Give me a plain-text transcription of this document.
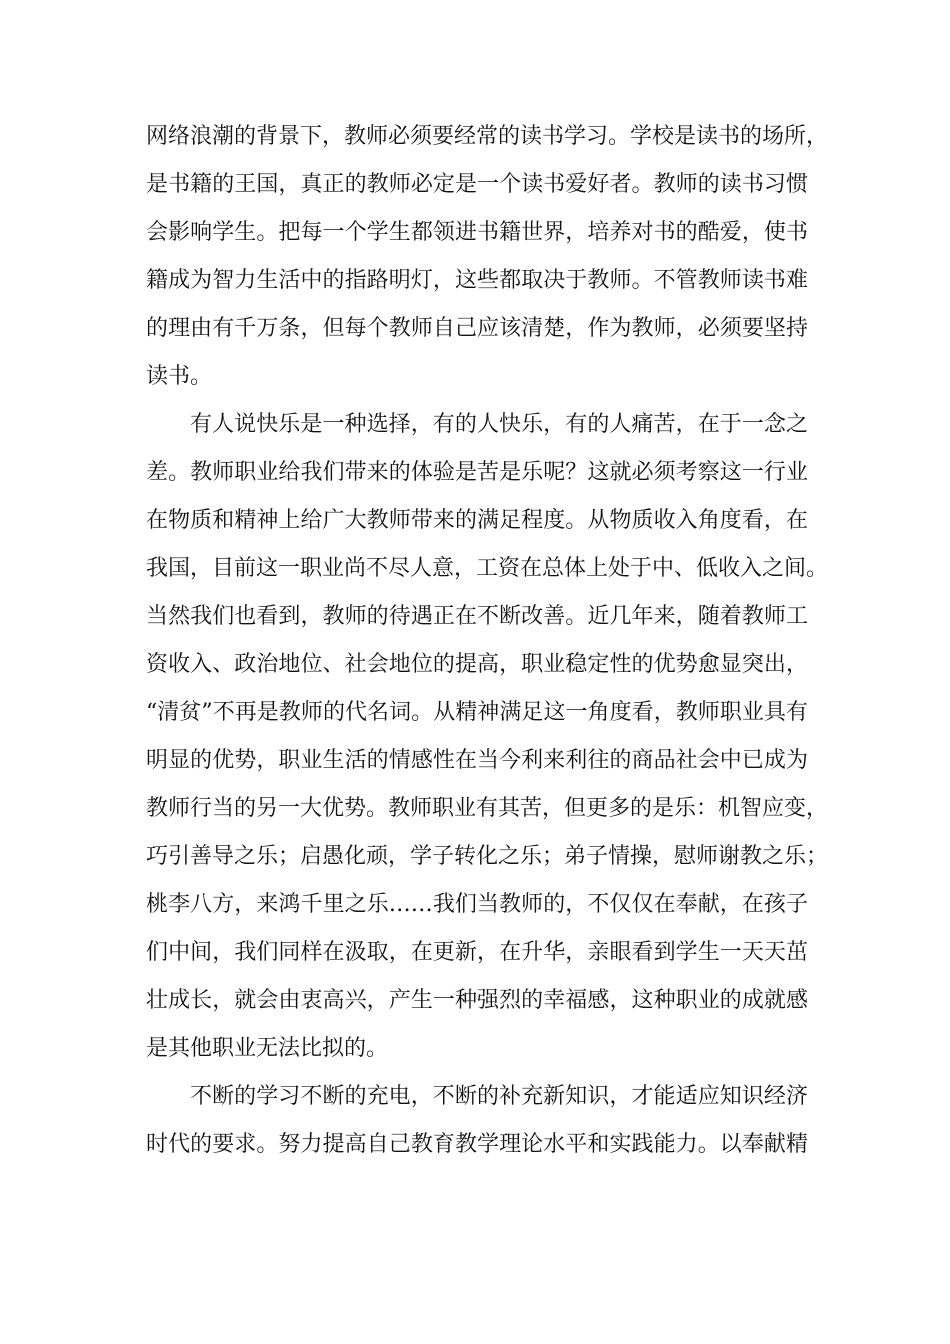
网络浪潮的背景下，教师必须要经常的读书学习。学校是读书的场所，
是书籍的王国，真正的教师必定是一个读书爱好者。教师的读书习惯
会影响学生。把每一个学生都领进书籍世界，培养对书的酷爱，使书
籍成为智力生活中的指路明灯，这些都取决于教师。不管教师读书难
的理由有千万条，但每个教师自己应该清楚，作为教师，必须要坚持
读书。

有人说快乐是一种选择，有的人快乐，有的人痛苦，在于一念之
差。教师职业给我们带来的体验是苦是乐呢？这就必须考察这一行业
在物质和精神上给广大教师带来的满足程度。从物质收入角度看，在
我国，目前这一职业尚不尽人意，工资在总体上处于中、低收入之间。
当然我们也看到，教师的待遇正在不断改善。近几年来，随着教师工
资收入、政治地位、社会地位的提高，职业稳定性的优势愈显突出，
“清贫”不再是教师的代名词。从精神满足这一角度看，教师职业具有
明显的优势，职业生活的情感性在当今利来利往的商品社会中已成为
教师行当的另一大优势。教师职业有其苦，但更多的是乐：机智应变，
巧引善导之乐；启愚化顽，学子转化之乐；弟子情操，慰师谢教之乐；
桃李八方，来鸿千里之乐……我们当教师的，不仅仅在奉献，在孩子
们中间，我们同样在汲取，在更新，在升华，亲眼看到学生一天天茁
壮成长，就会由衷高兴，产生一种强烈的幸福感，这种职业的成就感
是其他职业无法比拟的。

不断的学习不断的充电，不断的补充新知识，才能适应知识经济
时代的要求。努力提高自己教育教学理论水平和实践能力。以奉献精
